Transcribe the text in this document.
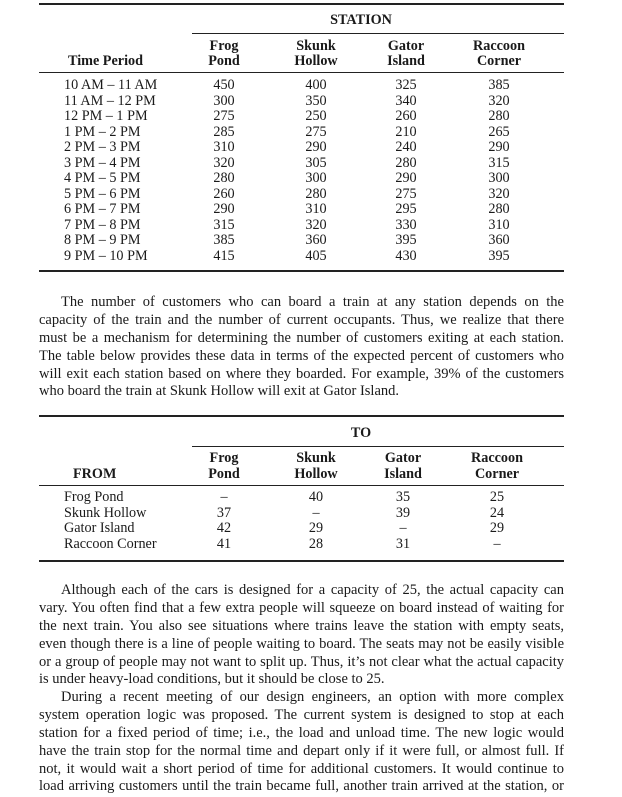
STATION
Time Period
Frog
Pond
Skunk
Hollow
Gator
Island
Raccoon
Corner
10 AM – 11 AM
11 AM – 12 PM
12 PM – 1 PM
1 PM – 2 PM
2 PM – 3 PM
3 PM – 4 PM
4 PM – 5 PM
5 PM – 6 PM
6 PM – 7 PM
7 PM – 8 PM
8 PM – 9 PM
9 PM – 10 PM
450
300
275
285
310
320
280
260
290
315
385
415
400
350
250
275
290
305
300
280
310
320
360
405
325
340
260
210
240
280
290
275
295
330
395
430
385
320
280
265
290
315
300
320
280
310
360
395
The number of customers who can board a train at any station depends on the
capacity of the train and the number of current occupants. Thus, we realize that there
must be a mechanism for determining the number of customers exiting at each station.
The table below provides these data in terms of the expected percent of customers who
will exit each station based on where they boarded. For example, 39% of the customers
who board the train at Skunk Hollow will exit at Gator Island.
TO
FROM
Frog
Pond
Skunk
Hollow
Gator
Island
Raccoon
Corner
Frog Pond
Skunk Hollow
Gator Island
Raccoon Corner
–
37
42
41
40
–
29
28
35
39
–
31
25
24
29
–
Although each of the cars is designed for a capacity of 25, the actual capacity can
vary. You often find that a few extra people will squeeze on board instead of waiting for
the next train. You also see situations where trains leave the station with empty seats,
even though there is a line of people waiting to board. The seats may not be easily visible
or a group of people may not want to split up. Thus, it’s not clear what the actual capacity
is under heavy-load conditions, but it should be close to 25.
During a recent meeting of our design engineers, an option with more complex
system operation logic was proposed. The current system is designed to stop at each
station for a fixed period of time; i.e., the load and unload time. The new logic would
have the train stop for the normal time and depart only if it were full, or almost full. If
not, it would wait a short period of time for additional customers. It would continue to
load arriving customers until the train became full, another train arrived at the station, or
